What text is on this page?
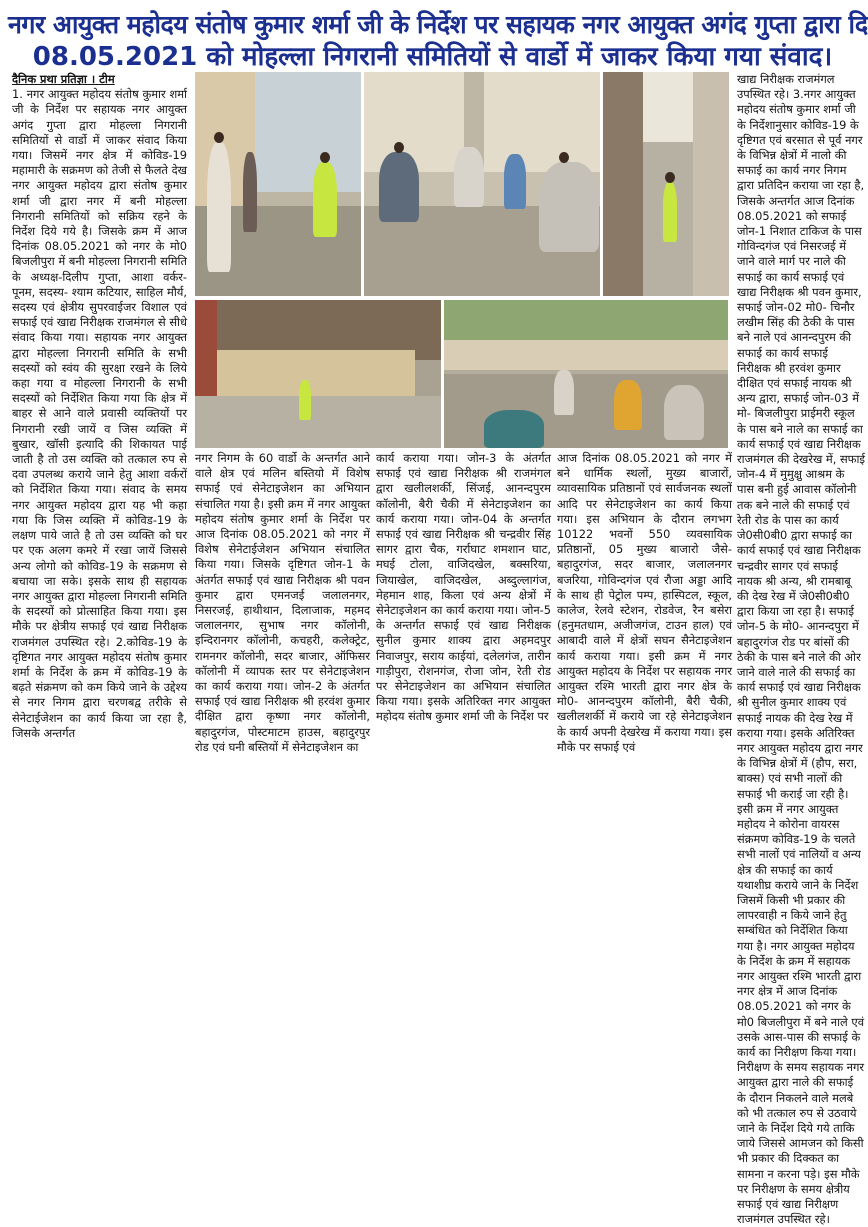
नगर आयुक्त महोदय संतोष कुमार शर्मा जी के निर्देश पर सहायक नगर आयुक्त अगंद गुप्ता द्वारा दि
08.05.2021 को मोहल्ला निगरानी समितियों से वार्डो में जाकर किया गया संवाद।

दैनिक प्रथा प्रतिज्ञा । टीम

1. नगर आयुक्त महोदय संतोष कुमार शर्मा जी के निर्देश पर सहायक नगर आयुक्त अगंद गुप्ता द्वारा मोहल्ला निगरानी समितियों से वार्डो में जाकर संवाद किया गया। जिसमें नगर क्षेत्र में कोविड-19 महामारी के सक्रमण को तेजी से फैलते देख नगर आयुक्त महोदय द्वारा संतोष कुमार शर्मा जी द्वारा नगर में बनी मोहल्ला निगरानी समितियों को सक्रिय रहने के निर्देश दिये गये है। जिसके क्रम में आज दिनांक 08.05.2021 को नगर के मो0 बिजलीपुरा में बनी मोहल्ला निगरानी समिति के अध्यक्ष-दिलीप गुप्ता, आशा वर्कर- पूनम, सदस्य- श्याम कटियार, साहिल मौर्य, सदस्य एवं क्षेत्रीय सुपरवाईजर विशाल एवं सफाई एवं खाद्य निरीक्षक राजमंगल से सीधे संवाद किया गया। सहायक नगर आयुक्त द्वारा मोहल्ला निगरानी समिति के सभी सदस्यों को स्वंय की सुरक्षा रखने के लिये कहा गया व मोहल्ला निगरानी के सभी सदस्यों को निर्देशित किया गया कि क्षेत्र में बाहर से आने वाले प्रवासी व्यक्तियों पर निगरानी रखी जायें व जिस व्यक्ति में बुखार, खॉसी इत्यादि की शिकायत पाई जाती है तो उस व्यक्ति को तत्काल रुप से दवा उपलब्ध कराये जाने हेतु आशा वर्करों को निर्देशित किया गया। संवाद के समय नगर आयुक्त महोदय द्वारा यह भी कहा गया कि जिस व्यक्ति में कोविड-19 के लक्षण पाये जाते है तो उस व्यक्ति को घर पर एक अलग कमरे में रखा जायें जिससे अन्य लोगो को कोविड-19 के सक्रमण से बचाया जा सके। इसके साथ ही सहायक नगर आयुक्त द्वारा मोहल्ला निगरानी समिति के सदस्यों को प्रोत्साहित किया गया। इस मौके पर क्षेत्रीय सफाई एवं खाद्य निरीक्षक राजमंगल उपस्थित रहे। 2.कोविड-19 के दृष्टिगत नगर आयुक्त महोदय संतोष कुमार शर्मा के निर्देश के क्रम में कोविड-19 के बढ़ते संक्रमण को कम किये जाने के उद्देश्य से नगर निगम द्वारा चरणबद्व तरीके से सेनेटाईजेशन का कार्य किया जा रहा है, जिसके अन्तर्गत

नगर निगम के 60 वार्डो के अन्तर्गत आने वाले क्षेत्र एवं मलिन बस्तियो में विशेष सफाई एवं सेनेटाइजेशन का अभियान संचालित गया है। इसी क्रम में नगर आयुक्त महोदय संतोष कुमार शर्मा के निर्देश पर आज दिनांक 08.05.2021 को नगर में विशेष सेनेटाईजेशन अभियान संचालित किया गया। जिसके दृष्टिगत जोन-1 के अंतर्गत सफाई एवं खाद्य निरीक्षक श्री पवन कुमार द्वारा एमनजई जलालनगर, निसरजई, हाथीथान, दिलाजाक, महमद जलालनगर, सुभाष नगर कॉलोनी, इन्दिरानगर कॉलोनी, कचहरी, कलेक्ट्रेट, रामनगर कॉलोनी, सदर बाजार, ऑफिसर कॉलोनी में व्यापक स्तर पर सेनेटाइजेशन का कार्य कराया गया। जोन-2 के अंतर्गत सफाई एवं खाद्य निरीक्षक श्री हरवंश कुमार दीक्षित द्वारा कृष्णा नगर कॉलोनी, बहादुरगंज, पोस्टमाटम हाउस, बहादुरपुर रोड एवं घनी बस्तियों में सेनेटाइजेशन का

कार्य कराया गया। जोन-3 के अंतर्गत सफाई एवं खाद्य निरीक्षक श्री राजमंगल द्वारा खलीलशर्की, सिंजई, आनन्दपुरम कॉलोनी, बैरी चैकी में सेनेटाइजेशन का कार्य कराया गया। जोन-04 के अन्तर्गत सफाई एवं खाद्य निरीक्षक श्री चन्द्रवीर सिंह सागर द्वारा चैक, गर्राघाट शमशान घाट, मघई टोला, वाजिदखेल, बक्सरिया, जियाखेल, वाजिदखेल, अब्दुल्लागंज, मेहमान शाह, किला एवं अन्य क्षेत्रों में सेनेटाइजेशन का कार्य कराया गया। जोन-5 के अन्तर्गत सफाई एवं खाद्य निरीक्षक सुनील कुमार शाक्य द्वारा अहमदपुर निवाजपुर, सराय काईयां, दलेलगंज, तारीन गाड़ीपुरा, रोशनगंज, रोजा जोन, रेती रोड पर सेनेटाइजेशन का अभियान संचालित किया गया। इसके अतिरिक्त नगर आयुक्त महोदय संतोष कुमार शर्मा जी के निर्देश पर

आज दिनांक 08.05.2021 को नगर में बने धार्मिक स्थलों, मुख्य बाजारों, व्यावसायिक प्रतिष्ठानों एवं सार्वजनक स्थलों आदि पर सेनेटाइजेशन का कार्य किया गया। इस अभियान के दौरान लगभग 10122 भवनों 550 व्यवसायिक प्रतिष्ठानों, 05 मुख्य बाजारो जैसे- बहादुरगंज, सदर बाजार, जलालनगर बजरिया, गोविन्दगंज एवं रौजा अड्डा आदि के साथ ही पेट्रोल पम्प, हास्पिटल, स्कूल, कालेज, रेलवे स्टेशन, रोडवेज, रैन बसेरा (हनुमतधाम, अजीजगंज, टाउन हाल) एवं आबादी वाले में क्षेत्रों सघन सैनेटाइजेशन कार्य कराया गया। इसी क्रम में नगर आयुक्त महोदय के निर्देश पर सहायक नगर आयुक्त रश्मि भारती द्वारा नगर क्षेत्र के मो0- आनन्दपुरम कॉलोनी, बैरी चैकी, खलीलशर्की में कराये जा रहे सेनेटाइजेशन के कार्य अपनी देखरेख में कराया गया। इस मौके पर सफाई एवं

खाद्य निरीक्षक राजमंगल उपस्थित रहे। 3.नगर आयुक्त महोदय संतोष कुमार शर्मा जी के निर्देशानुसार कोविड-19 के दृष्टिगत एवं बरसात से पूर्व नगर के विभिन्न क्षेत्रों में नालो की सफाई का कार्य नगर निगम द्वारा प्रतिदिन कराया जा रहा है, जिसके अन्तर्गत आज दिनांक 08.05.2021 को सफाई जोन-1 निशात टाकिज के पास गोविन्दगंज एवं निसरजई में जाने वाले मार्ग पर नाले की सफाई का कार्य सफाई एवं खाद्य निरीक्षक श्री पवन कुमार, सफाई जोन-02 मो0- चिनौर लखीम सिंह की ठेकी के पास बने नाले एवं आनन्दपुरम की सफाई का कार्य सफाई निरीक्षक श्री हरवंश कुमार दीक्षित एवं सफाई नायक श्री अन्य द्वारा, सफाई जोन-03 में मो- बिजलीपुरा प्राईमरी स्कूल के पास बने नाले का सफाई का कार्य सफाई एवं खाद्य निरीक्षक राजमंगल की देखरेख में, सफाई जोन-4 में मुमुक्षु आश्रम के पास बनी हुई आवास कॉलोनी तक बने नाले की सफाई एवं रेती रोड के पास का कार्य जे0सी0बी0 द्वारा सफाई का कार्य सफाई एवं खाद्य निरीक्षक चन्द्रवीर सागर एवं सफाई नायक श्री अन्य, श्री रामबाबू की देख रेख में जे0सी0बी0 द्वारा किया जा रहा है। सफाई जोन-5 के मो0- आनन्दपुरा में बहादुरगंज रोड पर बांसों की ठेकी के पास बने नाले की ओर जाने वाले नाले की सफाई का कार्य सफाई एवं खाद्य निरीक्षक श्री सुनील कुमार शाक्य एवं सफाई नायक की देख रेख में कराया गया। इसके अतिरिक्त नगर आयुक्त महोदय द्वारा नगर के विभिन्न क्षेत्रों में (हौप, सरा, बाक्स) एवं सभी नालों की सफाई भी कराई जा रही है। इसी क्रम में नगर आयुक्त महोदय ने कोरोना वायरस संक्रमण कोविड-19 के चलते सभी नालों एवं नालियों व अन्य क्षेत्र की सफाई का कार्य यथाशीघ्र कराये जाने के निर्देश जिसमें किसी भी प्रकार की लापरवाही न किये जाने हेतु सम्बंधित को निर्देशित किया गया है। नगर आयुक्त महोदय के निर्देश के क्रम में सहायक नगर आयुक्त रश्मि भारती द्वारा नगर क्षेत्र में आज दिनांक 08.05.2021 को नगर के मो0 बिजलीपुरा में बने नाले एवं उसके आस-पास की सफाई के कार्य का निरीक्षण किया गया। निरीक्षण के समय सहायक नगर आयुक्त द्वारा नाले की सफाई के दौरान निकलने वाले मलबे को भी तत्काल रुप से उठवाये जाने के निर्देश दिये गये ताकि जाये जिससे आमजन को किसी भी प्रकार की दिक्कत का सामना न करना पड़े। इस मौके पर निरीक्षण के समय क्षेत्रीय सफाई एवं खाद्य निरीक्षण राजमंगल उपस्थित रहे।
